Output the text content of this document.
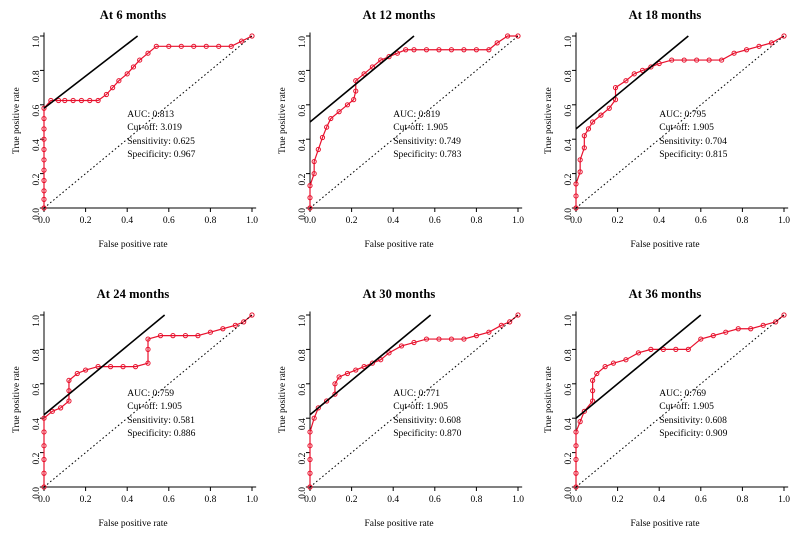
At 6 months
0.0	0.2	0.4	0.6	0.8	1.0
0.0
0.2
0.4
0.6
0.8
1.0
AUC: 0.813
Cut-off: 3.019
Sensitivity: 0.625
Specificity: 0.967
False positive rate
True positive rate
At 12 months
0.0	0.2	0.4	0.6	0.8	1.0
0.0
0.2
0.4
0.6
0.8
1.0
AUC: 0.819
Cut-off: 1.905
Sensitivity: 0.749
Specificity: 0.783
False positive rate
True positive rate
At 18 months
0.0	0.2	0.4	0.6	0.8	1.0
0.0
0.2
0.4
0.6
0.8
1.0
AUC: 0.795
Cut-off: 1.905
Sensitivity: 0.704
Specificity: 0.815
False positive rate
True positive rate
At 24 months
0.0	0.2	0.4	0.6	0.8	1.0
0.0
0.2
0.4
0.6
0.8
1.0
AUC: 0.759
Cut-off: 1.905
Sensitivity: 0.581
Specificity: 0.886
False positive rate
True positive rate
At 30 months
0.0	0.2	0.4	0.6	0.8	1.0
0.0
0.2
0.4
0.6
0.8
1.0
AUC: 0.771
Cut-off: 1.905
Sensitivity: 0.608
Specificity: 0.870
False positive rate
True positive rate
At 36 months
0.0	0.2	0.4	0.6	0.8	1.0
0.0
0.2
0.4
0.6
0.8
1.0
AUC: 0.769
Cut-off: 1.905
Sensitivity: 0.608
Specificity: 0.909
False positive rate
True positive rate
